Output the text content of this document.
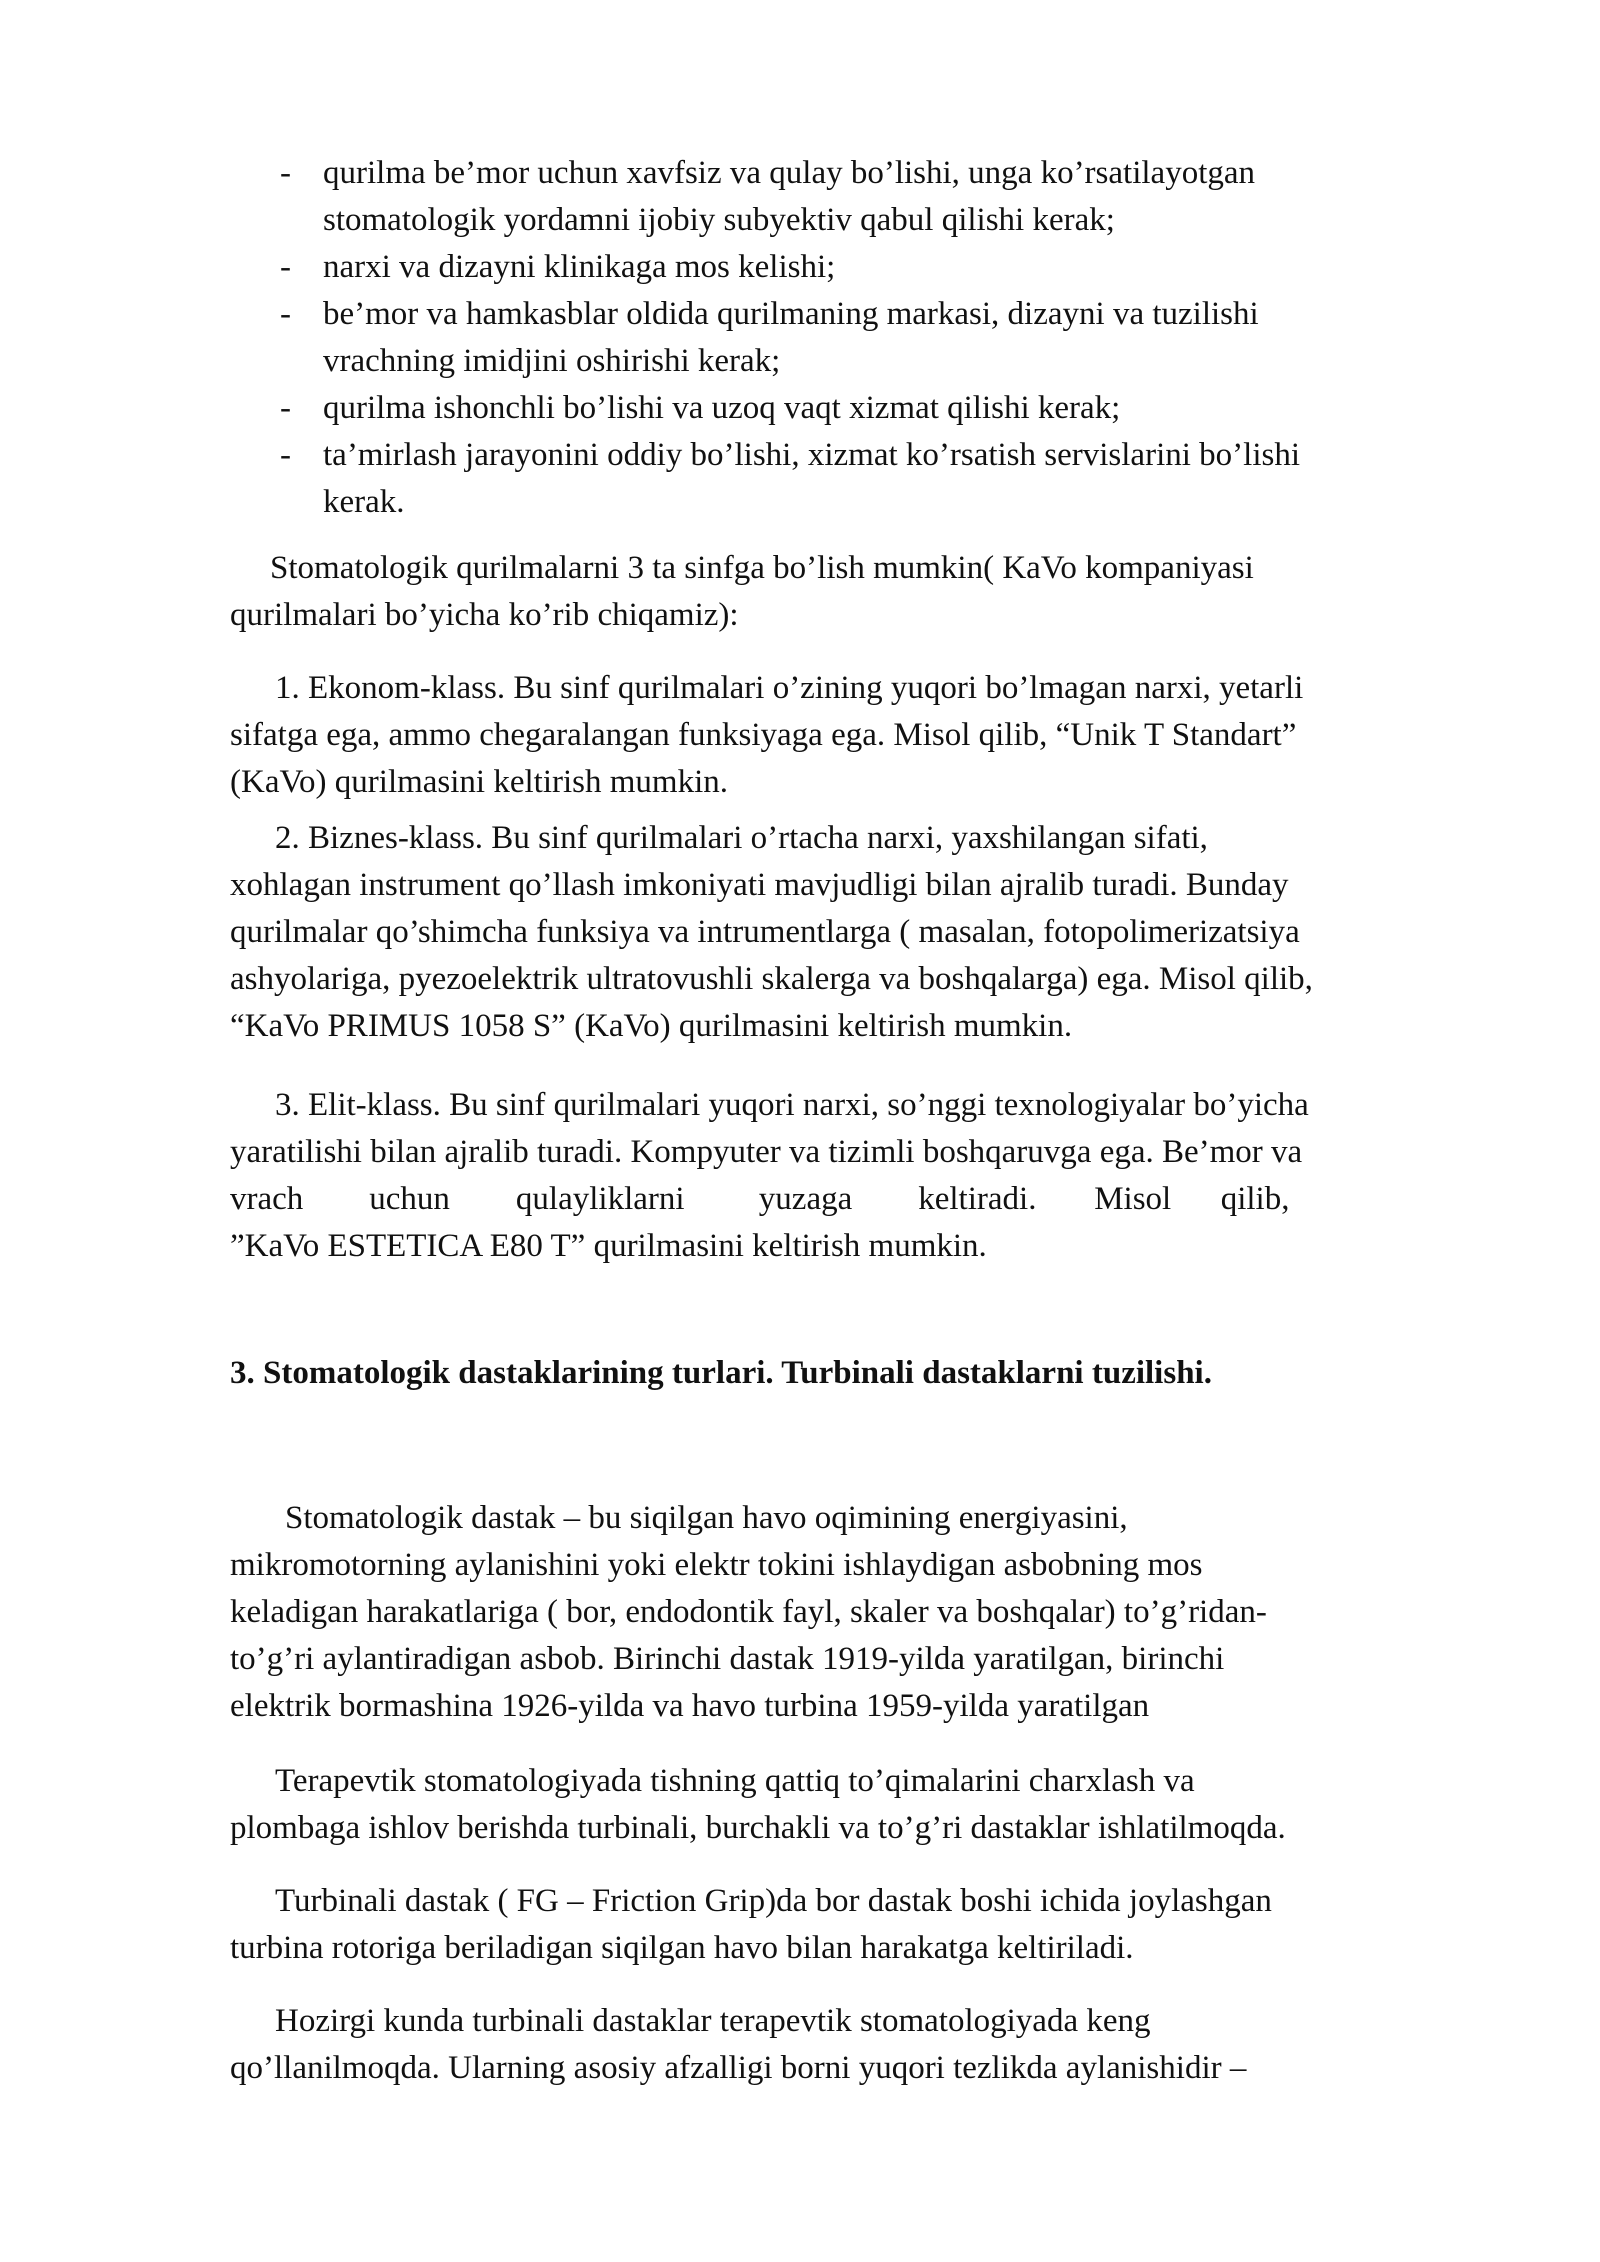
- qurilma be’mor uchun xavfsiz va qulay bo’lishi, unga ko’rsatilayotgan
stomatologik yordamni ijobiy subyektiv qabul qilishi kerak;
- narxi va dizayni klinikaga mos kelishi;
- be’mor va hamkasblar oldida qurilmaning markasi, dizayni va tuzilishi
vrachning imidjini oshirishi kerak;
- qurilma ishonchli bo’lishi va uzoq vaqt xizmat qilishi kerak;
- ta’mirlash jarayonini oddiy bo’lishi, xizmat ko’rsatish servislarini bo’lishi
kerak.

Stomatologik qurilmalarni 3 ta sinfga bo’lish mumkin( KaVo kompaniyasi
qurilmalari bo’yicha ko’rib chiqamiz):

1. Ekonom-klass. Bu sinf qurilmalari o’zining yuqori bo’lmagan narxi, yetarli
sifatga ega, ammo chegaralangan funksiyaga ega. Misol qilib, “Unik T Standart”
(KaVo) qurilmasini keltirish mumkin.

2. Biznes-klass. Bu sinf qurilmalari o’rtacha narxi, yaxshilangan sifati,
xohlagan instrument qo’llash imkoniyati mavjudligi bilan ajralib turadi. Bunday
qurilmalar qo’shimcha funksiya va intrumentlarga ( masalan, fotopolimerizatsiya
ashyolariga, pyezoelektrik ultratovushli skalerga va boshqalarga) ega. Misol qilib,
“KaVo PRIMUS 1058 S” (KaVo) qurilmasini keltirish mumkin.

3. Elit-klass. Bu sinf qurilmalari yuqori narxi, so’nggi texnologiyalar bo’yicha
yaratilishi bilan ajralib turadi. Kompyuter va tizimli boshqaruvga ega. Be’mor va
vrach        uchun        qulayliklarni         yuzaga        keltiradi.       Misol      qilib,
”KaVo ESTETICA E80 T” qurilmasini keltirish mumkin.

3. Stomatologik dastaklarining turlari. Turbinali dastaklarni tuzilishi.

Stomatologik dastak – bu siqilgan havo oqimining energiyasini,
mikromotorning aylanishini yoki elektr tokini ishlaydigan asbobning mos
keladigan harakatlariga ( bor, endodontik fayl, skaler va boshqalar) to’g’ridan-
to’g’ri aylantiradigan asbob. Birinchi dastak 1919-yilda yaratilgan, birinchi
elektrik bormashina 1926-yilda va havo turbina 1959-yilda yaratilgan

Terapevtik stomatologiyada tishning qattiq to’qimalarini charxlash va
plombaga ishlov berishda turbinali, burchakli va to’g’ri dastaklar ishlatilmoqda.

Turbinali dastak ( FG – Friction Grip)da bor dastak boshi ichida joylashgan
turbina rotoriga beriladigan siqilgan havo bilan harakatga keltiriladi.

Hozirgi kunda turbinali dastaklar terapevtik stomatologiyada keng
qo’llanilmoqda. Ularning asosiy afzalligi borni yuqori tezlikda aylanishidir –
